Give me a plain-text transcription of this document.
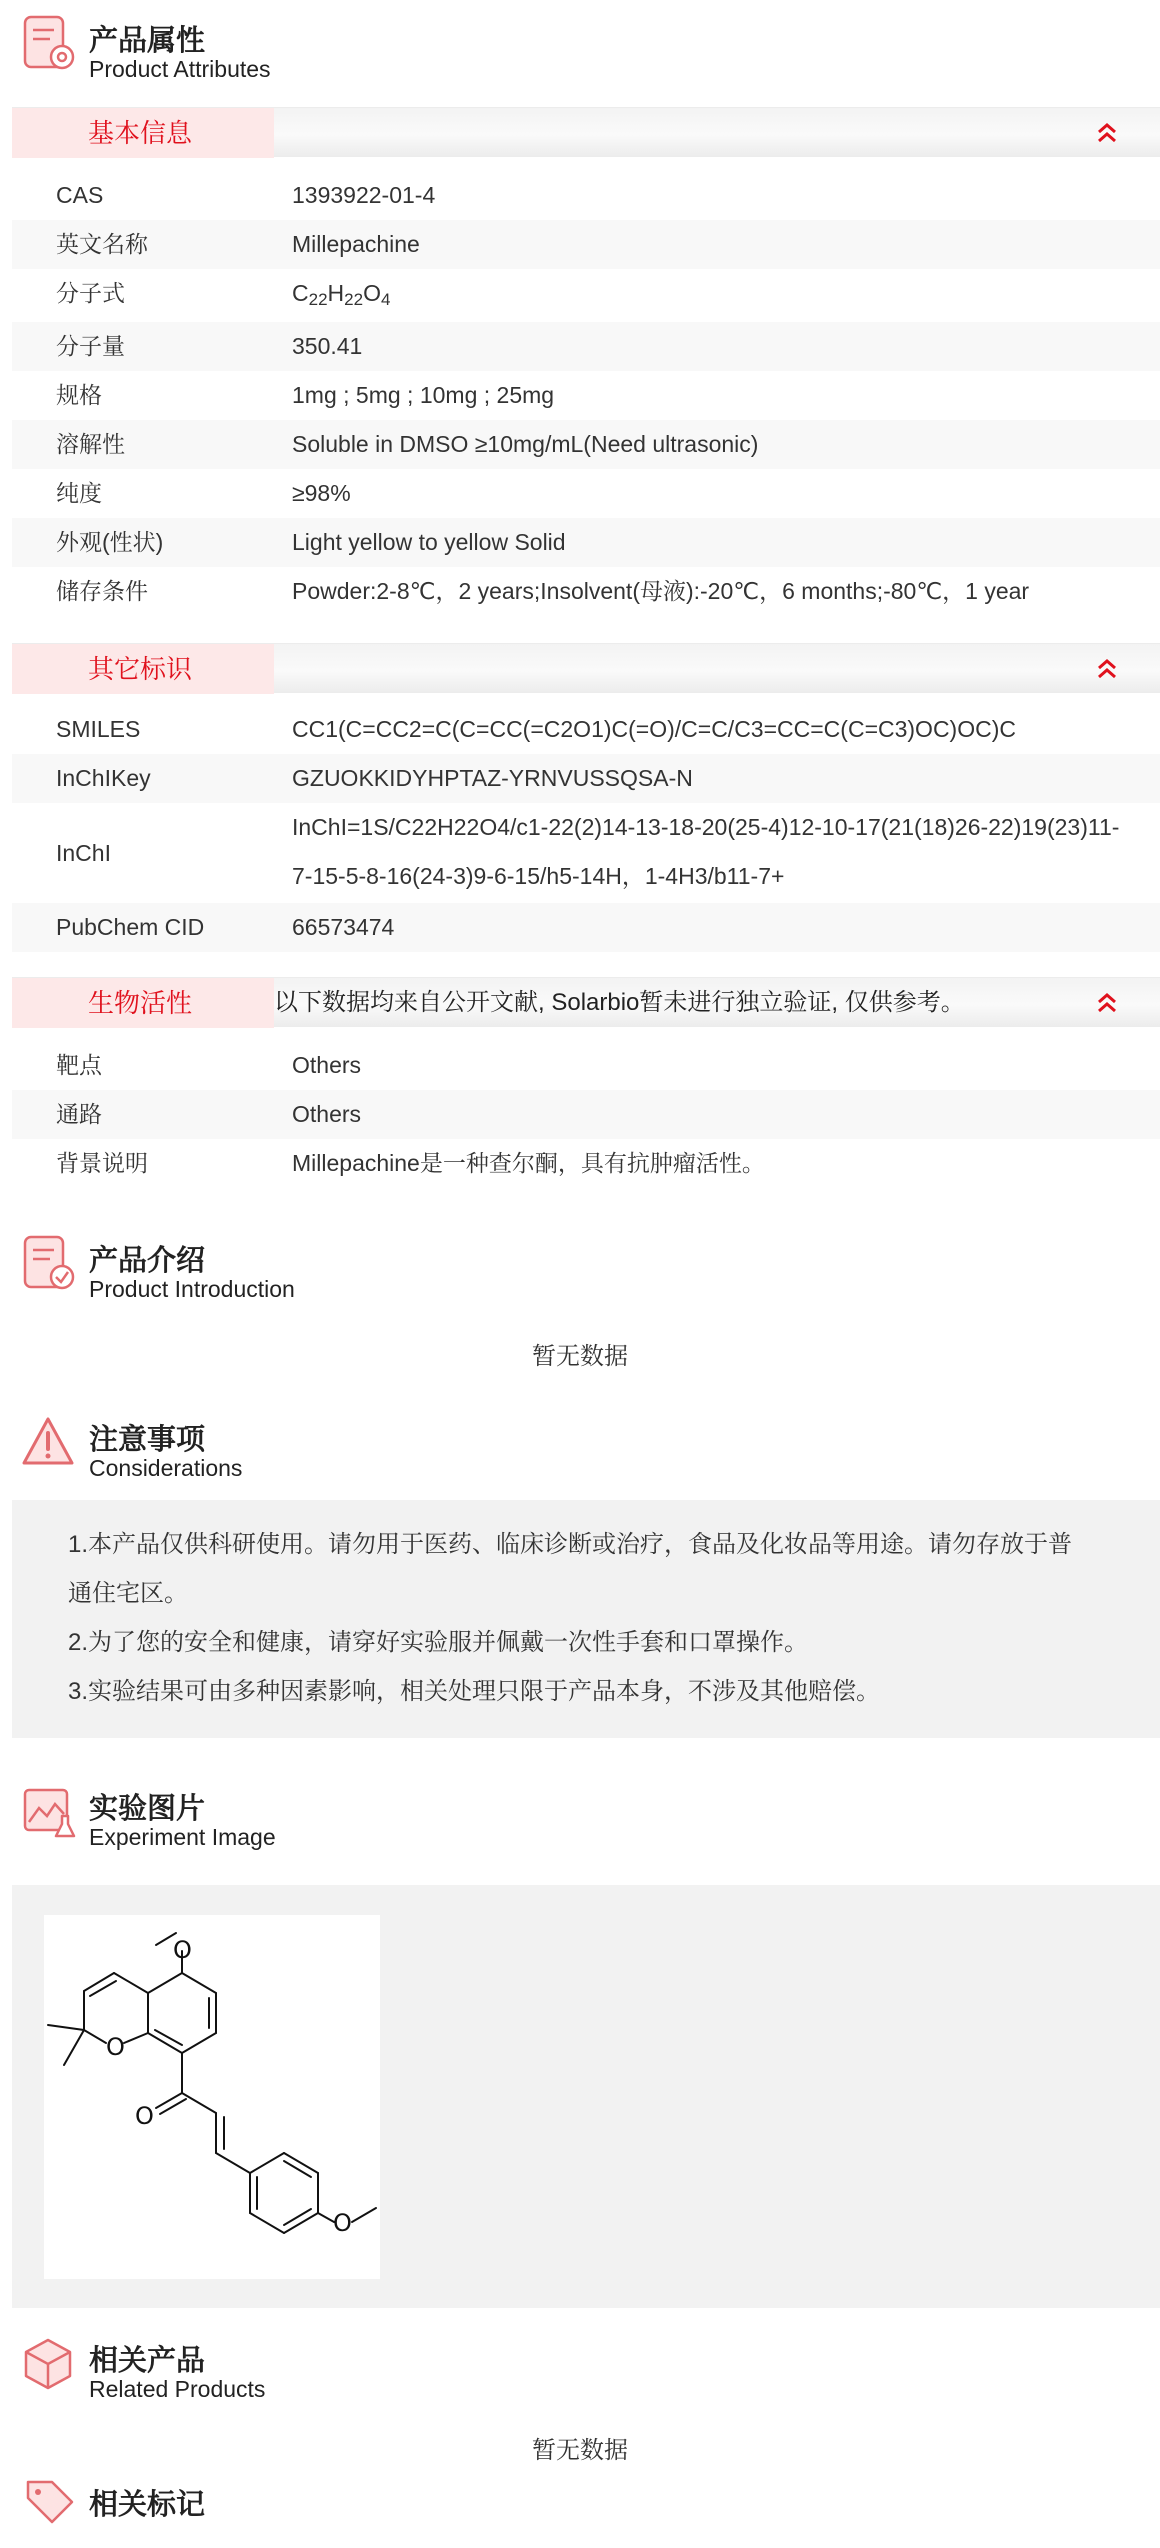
产品属性
Product Attributes
基本信息
CAS	1393922-01-4
英文名称	Millepachine
分子式	$C_{22}H_{22}O_4$
分子量	350.41
规格	1mg ; 5mg ; 10mg ; 25mg
溶解性	Soluble in DMSO ≥10mg/mL(Need ultrasonic)
纯度	≥98%
外观(性状)	Light yellow to yellow Solid
储存条件	Powder:2-8℃，2 years;Insolvent(母液):-20℃，6 months;-80℃，1 year
其它标识
SMILES	CC1(C=CC2=C(C=CC(=C2O1)C(=O)/C=C/C3=CC=C(C=C3)OC)OC)C
InChIKey	GZUOKKIDYHPTAZ-YRNVUSSQSA-N
InChI
InChI=1S/C22H22O4/c1-22(2)14-13-18-20(25-4)12-10-17(21(18)26-22)19(23)11-7-15-5-8-16(24-3)9-6-15/h5-14H，1-4H3/b11-7+
PubChem CID	66573474
生物活性	以下数据均来自公开文献, Solarbio暂未进行独立验证, 仅供参考。
靶点	Others
通路	Others
背景说明	Millepachine是一种查尔酮，具有抗肿瘤活性。
产品介绍
Product Introduction
暂无数据
注意事项
Considerations

1.本产品仅供科研使用。请勿用于医药、临床诊断或治疗，食品及化妆品等用途。请勿存放于普

通住宅区。

2.为了您的安全和健康，请穿好实验服并佩戴一次性手套和口罩操作。

3.实验结果可由多种因素影响，相关处理只限于产品本身，不涉及其他赔偿。

实验图片
Experiment Image
O
O
O
O
相关产品
Related Products
暂无数据
相关标记
